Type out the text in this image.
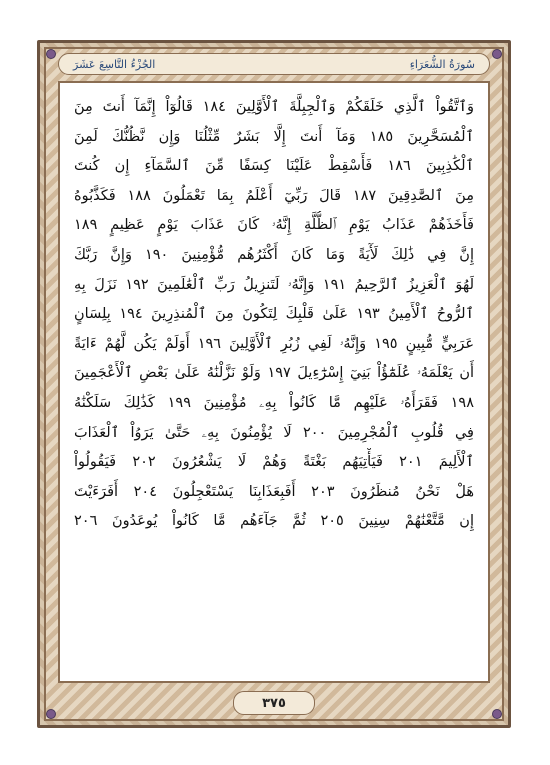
الجُزْءُ التَّاسِعَ عَشَرَ	سُورَةُ الشُّعَرَاءِ
وَٱتَّقُواْ ٱلَّذِي خَلَقَكُمْ وَٱلْجِبِلَّةَ ٱلْأَوَّلِينَ ١٨٤ قَالُوٓاْ إِنَّمَآ أَنتَ مِنَ
ٱلْمُسَحَّرِينَ ١٨٥ وَمَآ أَنتَ إِلَّا بَشَرٌ مِّثْلُنَا وَإِن نَّظُنُّكَ لَمِنَ
ٱلْكَٰذِبِينَ ١٨٦ فَأَسْقِطْ عَلَيْنَا كِسَفًا مِّنَ ٱلسَّمَآءِ إِن كُنتَ
مِنَ ٱلصَّٰدِقِينَ ١٨٧ قَالَ رَبِّيٓ أَعْلَمُ بِمَا تَعْمَلُونَ ١٨٨ فَكَذَّبُوهُ
فَأَخَذَهُمْ عَذَابُ يَوْمِ ٱلظُّلَّةِ إِنَّهُۥ كَانَ عَذَابَ يَوْمٍ عَظِيمٍ ١٨٩
إِنَّ فِي ذَٰلِكَ لَأٓيَةً وَمَا كَانَ أَكْثَرُهُم مُّؤْمِنِينَ ١٩٠ وَإِنَّ رَبَّكَ
لَهُوَ ٱلْعَزِيزُ ٱلرَّحِيمُ ١٩١ وَإِنَّهُۥ لَتَنزِيلُ رَبِّ ٱلْعَٰلَمِينَ ١٩٢ نَزَلَ بِهِ
ٱلرُّوحُ ٱلْأَمِينُ ١٩٣ عَلَىٰ قَلْبِكَ لِتَكُونَ مِنَ ٱلْمُنذِرِينَ ١٩٤ بِلِسَانٍ
عَرَبِيٍّ مُّبِينٍ ١٩٥ وَإِنَّهُۥ لَفِي زُبُرِ ٱلْأَوَّلِينَ ١٩٦ أَوَلَمْ يَكُن لَّهُمْ ءَايَةً
أَن يَعْلَمَهُۥ عُلَمَٰٓؤُاْ بَنِيٓ إِسْرَٰٓءِيلَ ١٩٧ وَلَوْ نَزَّلْنَٰهُ عَلَىٰ بَعْضِ ٱلْأَعْجَمِينَ
١٩٨ فَقَرَأَهُۥ عَلَيْهِم مَّا كَانُواْ بِهِۦ مُؤْمِنِينَ ١٩٩ كَذَٰلِكَ سَلَكْنَٰهُ
فِي قُلُوبِ ٱلْمُجْرِمِينَ ٢٠٠ لَا يُؤْمِنُونَ بِهِۦ حَتَّىٰ يَرَوُاْ ٱلْعَذَابَ
ٱلْأَلِيمَ ٢٠١ فَيَأْتِيَهُم بَغْتَةً وَهُمْ لَا يَشْعُرُونَ ٢٠٢ فَيَقُولُواْ
هَلْ نَحْنُ مُنظَرُونَ ٢٠٣ أَفَبِعَذَابِنَا يَسْتَعْجِلُونَ ٢٠٤ أَفَرَءَيْتَ
إِن مَّتَّعْنَٰهُمْ سِنِينَ ٢٠٥ ثُمَّ جَآءَهُم مَّا كَانُواْ يُوعَدُونَ ٢٠٦
٣٧٥
